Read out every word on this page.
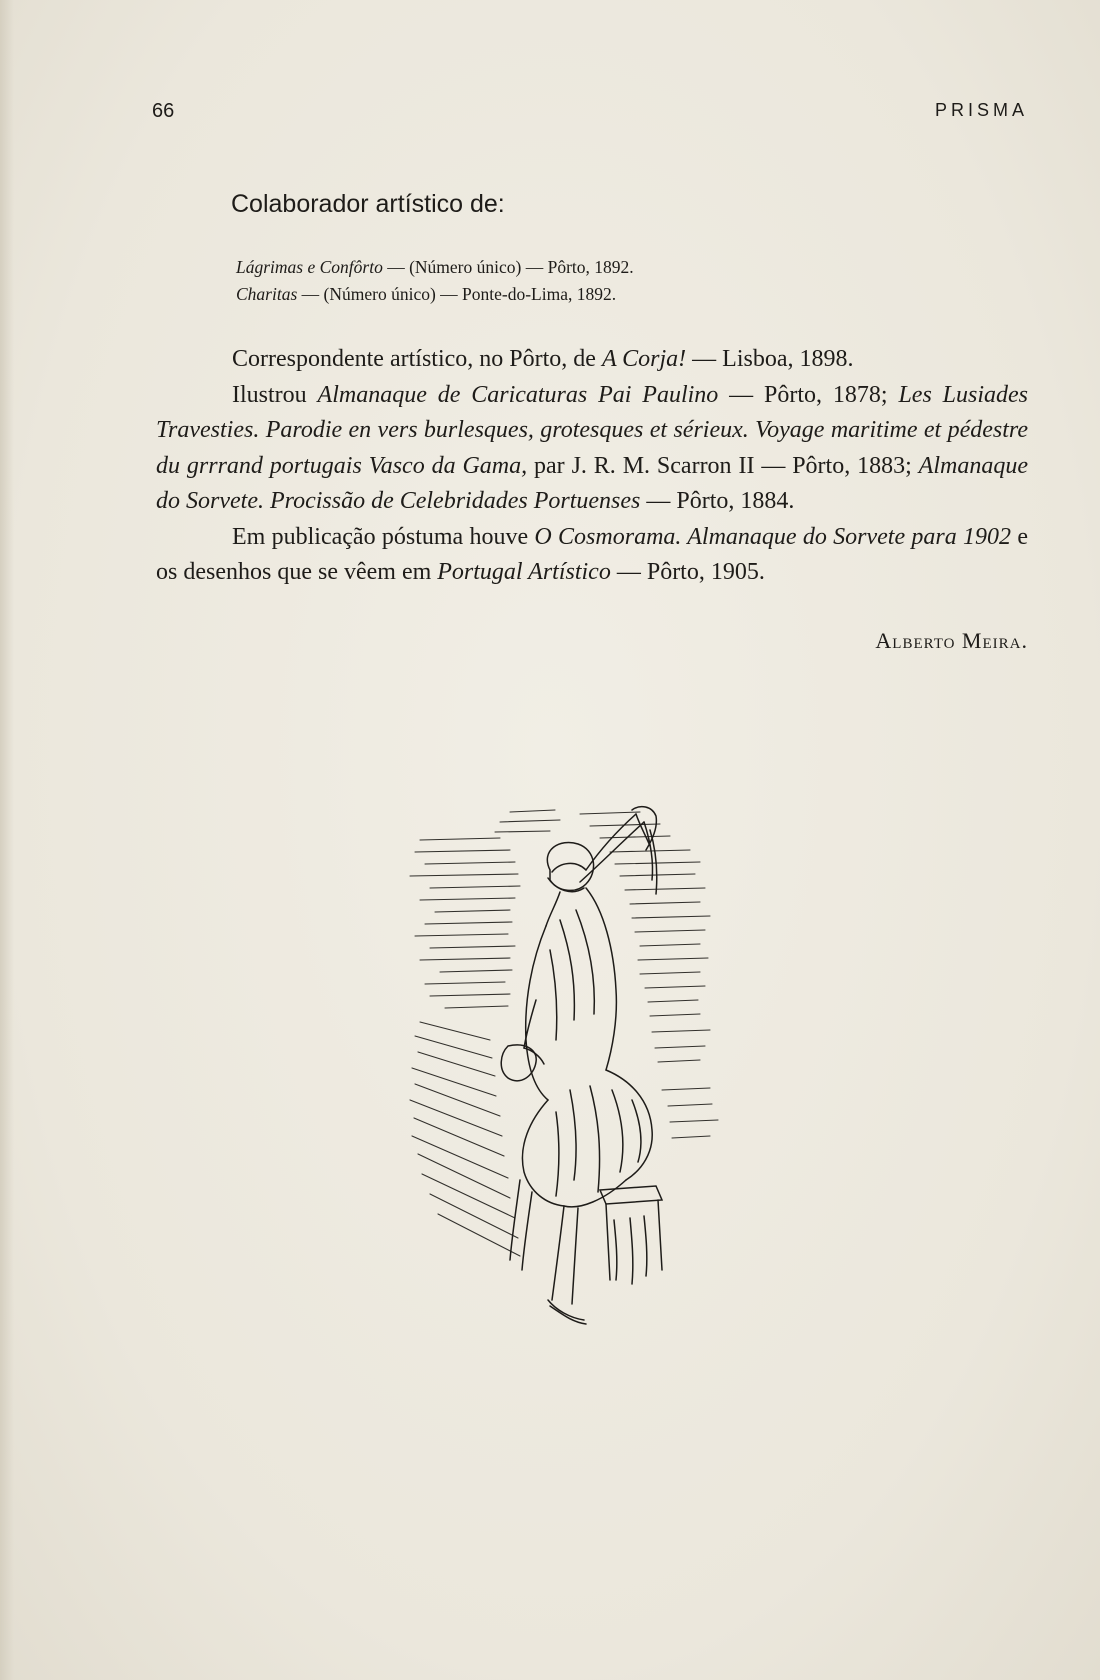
66	PRISMA
Colaborador artístico de:
Lágrimas e Confôrto — (Número único) — Pôrto, 1892.
Charitas — (Número único) — Ponte-do-Lima, 1892.

Correspondente artístico, no Pôrto, de A Corja! — Lisboa, 1898.

Ilustrou Almanaque de Caricaturas Pai Paulino — Pôrto, 1878; Les Lusiades Travesties. Parodie en vers burlesques, grotesques et sérieux. Voyage maritime et pédestre du grrrand portugais Vasco da Gama, par J. R. M. Scarron II — Pôrto, 1883; Almanaque do Sorvete. Procissão de Celebridades Portuenses — Pôrto, 1884.

Em publicação póstuma houve O Cosmorama. Almanaque do Sorvete para 1902 e os desenhos que se vêem em Portugal Artístico — Pôrto, 1905.

Alberto Meira.
